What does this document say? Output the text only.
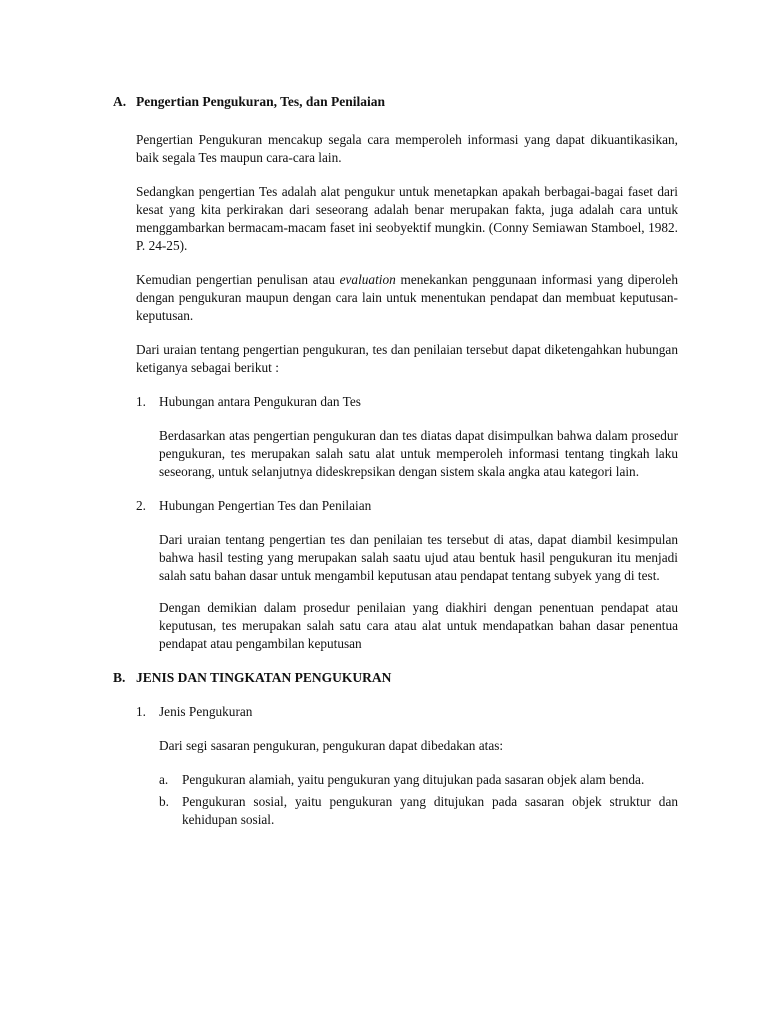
A. Pengertian Pengukuran, Tes, dan Penilaian

Pengertian Pengukuran mencakup segala cara memperoleh informasi yang dapat dikuantikasikan, baik segala Tes maupun cara-cara lain.

Sedangkan pengertian Tes adalah alat pengukur untuk menetapkan apakah berbagai-bagai faset dari kesat yang kita perkirakan dari seseorang adalah benar merupakan fakta, juga adalah cara untuk menggambarkan bermacam-macam faset ini seobyektif mungkin. (Conny Semiawan Stamboel, 1982. P. 24-25).

Kemudian pengertian penulisan atau evaluation menekankan penggunaan informasi yang diperoleh dengan pengukuran maupun dengan cara lain untuk menentukan pendapat dan membuat keputusan-keputusan.

Dari uraian tentang pengertian pengukuran, tes dan penilaian tersebut dapat diketengahkan hubungan ketiganya sebagai berikut :

1. Hubungan antara Pengukuran dan Tes

Berdasarkan atas pengertian pengukuran dan tes diatas dapat disimpulkan bahwa dalam prosedur pengukuran, tes merupakan salah satu alat untuk memperoleh informasi tentang tingkah laku seseorang, untuk selanjutnya dideskrepsikan dengan sistem skala angka atau kategori lain.

2. Hubungan Pengertian Tes dan Penilaian

Dari uraian tentang pengertian tes dan penilaian tes tersebut di atas, dapat diambil kesimpulan bahwa hasil testing yang merupakan salah saatu ujud atau bentuk hasil pengukuran itu menjadi salah satu bahan dasar untuk mengambil keputusan atau pendapat tentang subyek yang di test.

Dengan demikian dalam prosedur penilaian yang diakhiri dengan penentuan pendapat atau keputusan, tes merupakan salah satu cara atau alat untuk mendapatkan bahan dasar penentua pendapat atau pengambilan keputusan

B. JENIS DAN TINGKATAN PENGUKURAN
1. Jenis Pengukuran

Dari segi sasaran pengukuran, pengukuran dapat dibedakan atas:

a.	Pengukuran alamiah, yaitu pengukuran yang ditujukan pada sasaran objek alam benda.
b. Pengukuran sosial, yaitu pengukuran yang ditujukan pada sasaran objek struktur dan kehidupan sosial.
